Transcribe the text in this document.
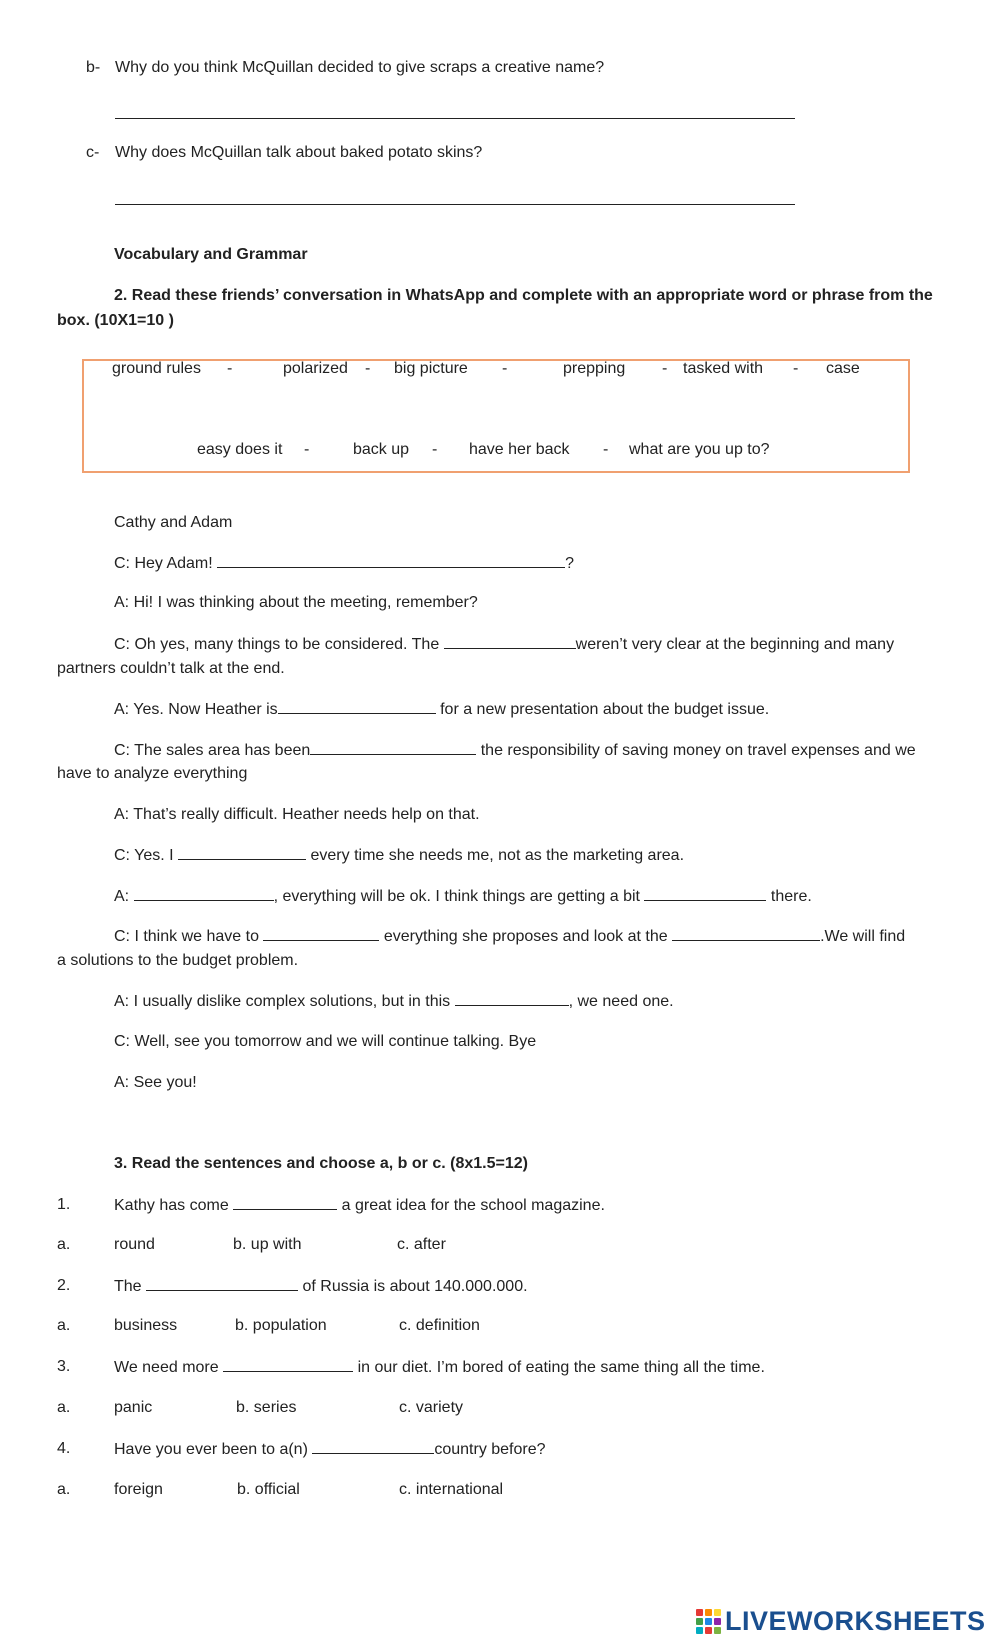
b- Why do you think McQuillan decided to give scraps a creative name?
c- Why does McQuillan talk about baked potato skins?
Vocabulary and Grammar
2. Read these friends’ conversation in WhatsApp and complete with an appropriate word or phrase from the
box. (10X1=10 )
ground rules -	polarized - big picture -	prepping - tasked with - case
easy does it -	back up - have her back - what are you up to?
Cathy and Adam
C: Hey Adam!	?
A: Hi! I was thinking about the meeting, remember?
C: Oh yes, many things to be considered. The	weren’t very clear at the beginning and many
partners couldn’t talk at the end.
A: Yes. Now Heather is	for a new presentation about the budget issue.
C: The sales area has been	the responsibility of saving money on travel expenses and we
have to analyze everything
A: That’s really difficult. Heather needs help on that.
C: Yes. I	every time she needs me, not as the marketing area.
A:	, everything will be ok. I think things are getting a bit	there.
C: I think we have to	everything she proposes and look at the	.We will find
a solutions to the budget problem.
A: I usually dislike complex solutions, but in this	, we need one.
C: Well, see you tomorrow and we will continue talking. Bye
A: See you!
3. Read the sentences and choose a, b or c. (8x1.5=12)
1.	Kathy has come	a great idea for the school magazine.
a.	round	b. up with	c. after
2.	The	of Russia is about 140.000.000.
a.	business	b. population	c. definition
3.	We need more	in our diet. I’m bored of eating the same thing all the time.
a.	panic	b. series	c. variety
4.	Have you ever been to a(n)	country before?
a.	foreign	b. official	c. international
LIVEWORKSHEETS
